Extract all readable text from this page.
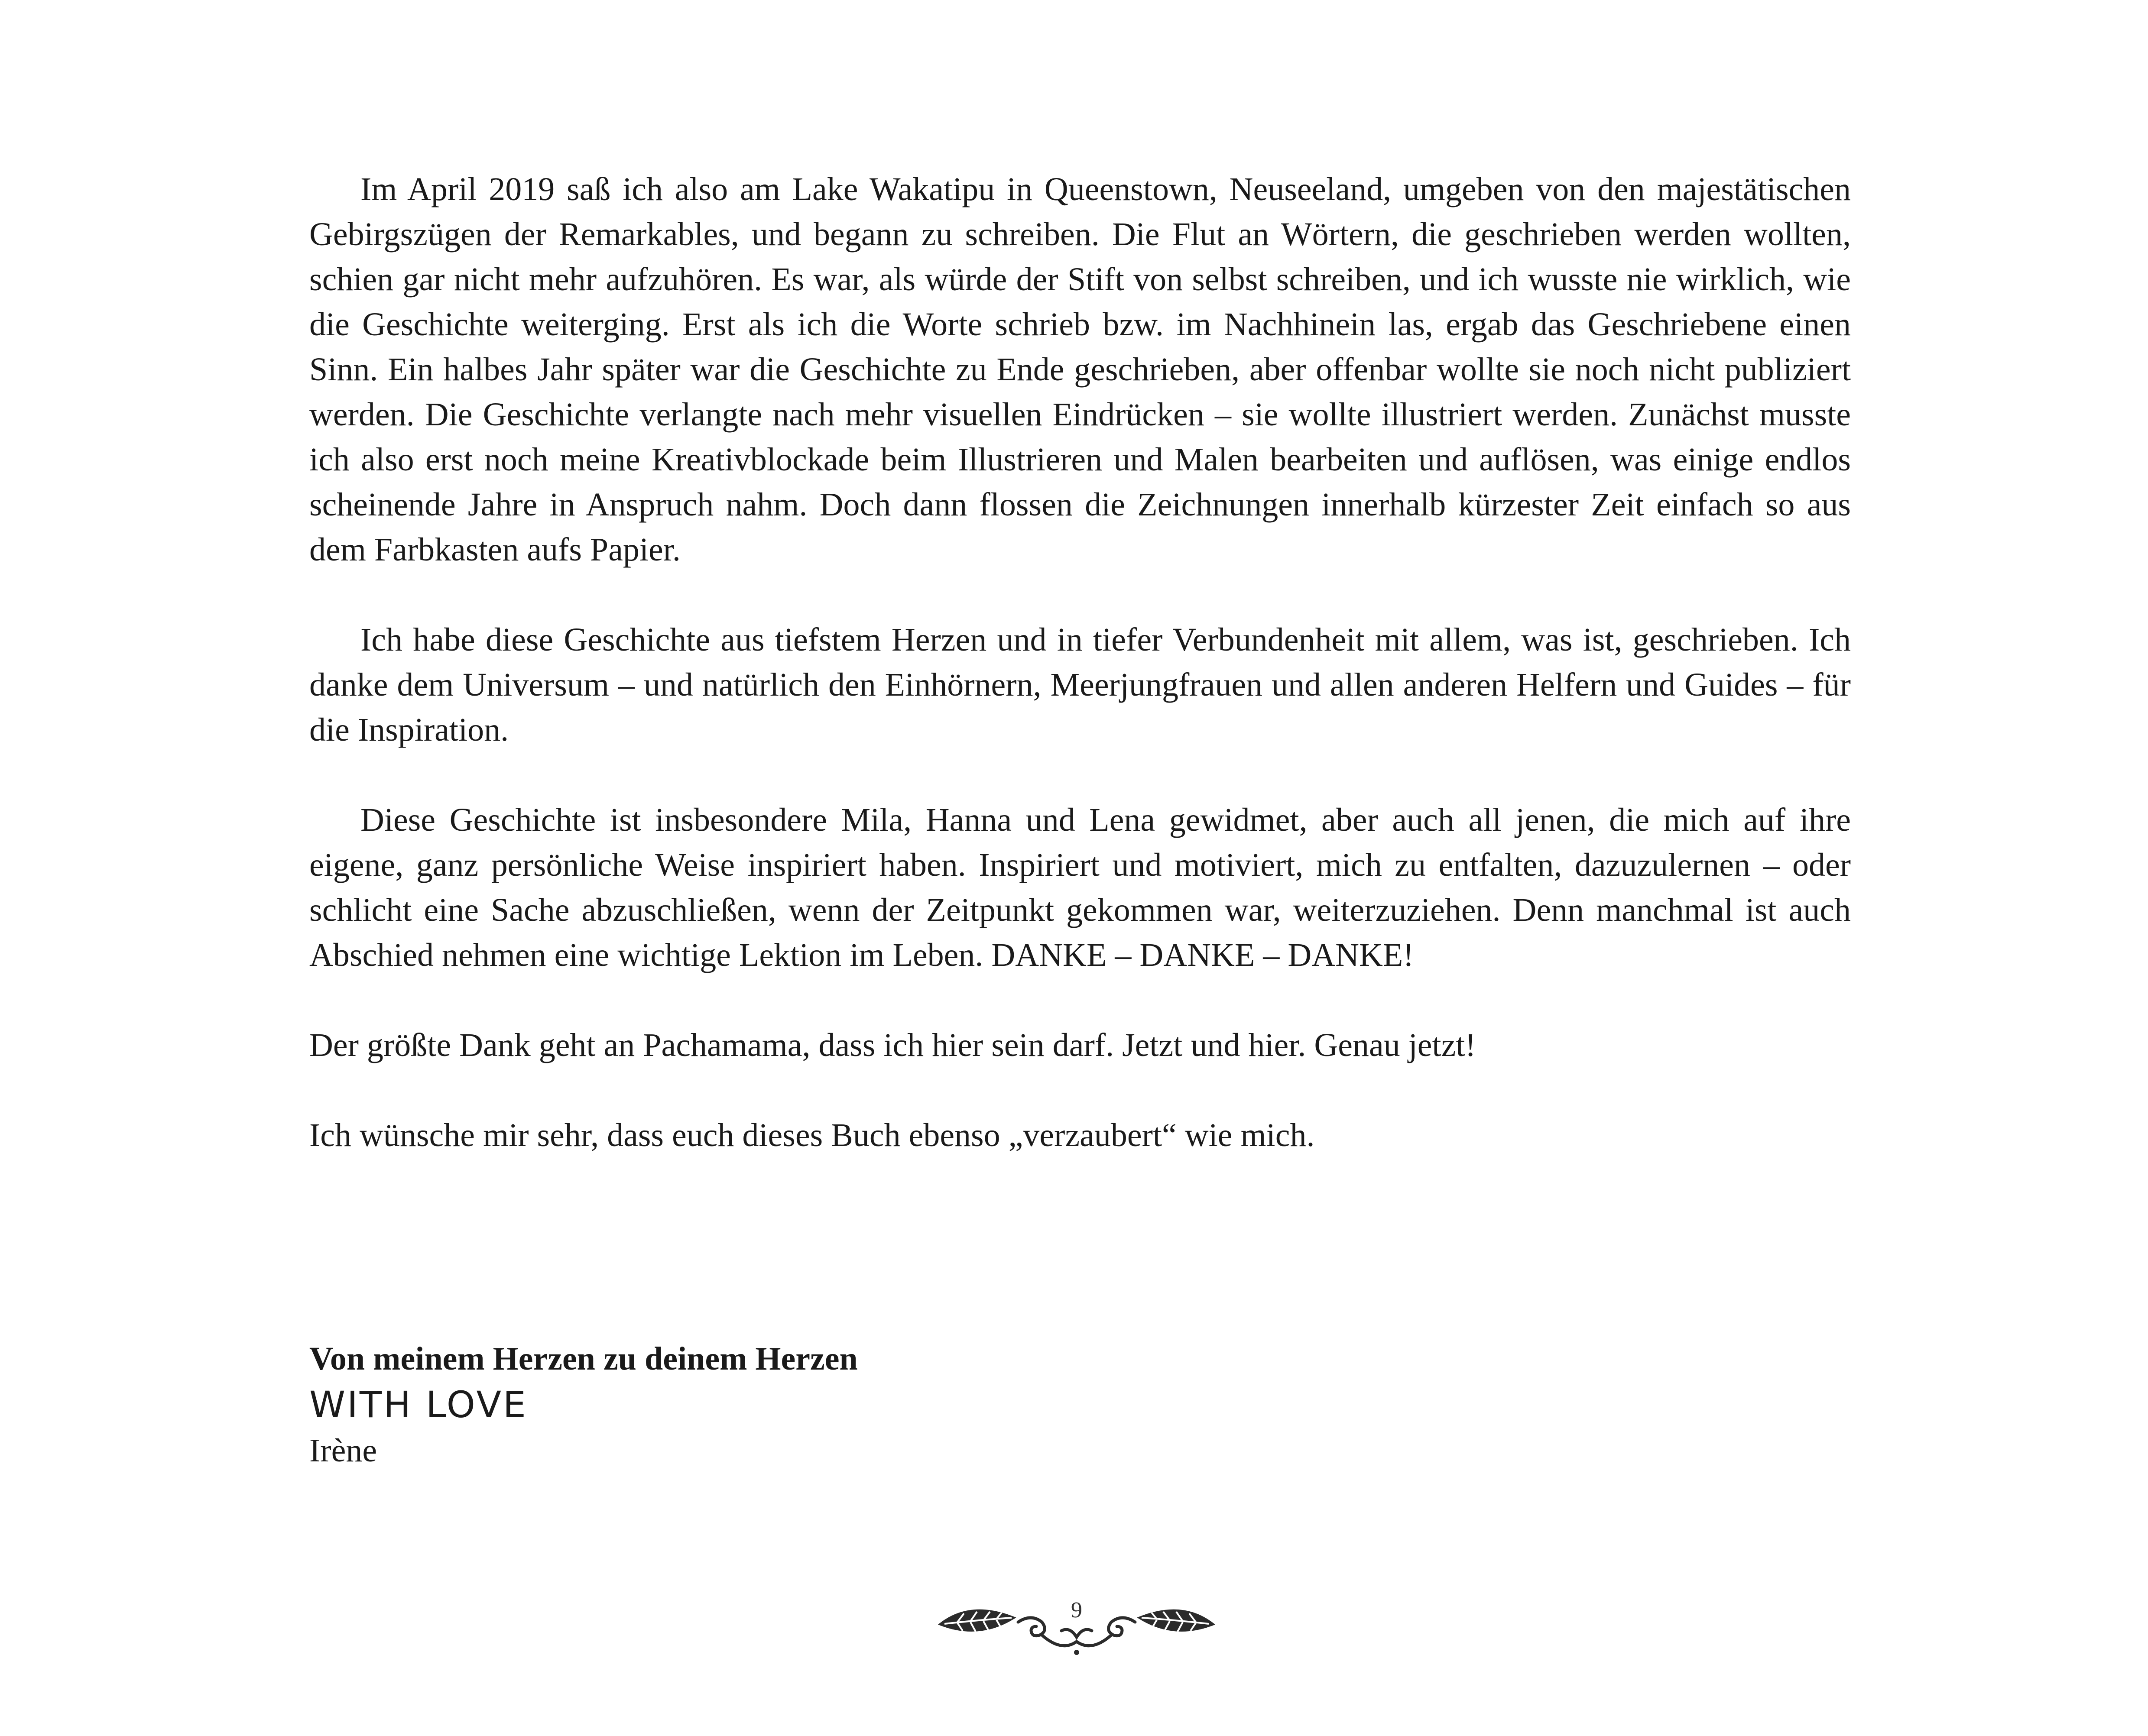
Im April 2019 saß ich also am Lake Wakatipu in Queenstown, Neuseeland, umgeben von den majestätischen Gebirgszügen der Remarkables, und begann zu schreiben. Die Flut an Wörtern, die geschrieben werden wollten, schien gar nicht mehr aufzuhören. Es war, als würde der Stift von selbst schreiben, und ich wusste nie wirklich, wie die Geschichte weiterging. Erst als ich die Worte schrieb bzw. im Nachhinein las, ergab das Geschriebene einen Sinn. Ein halbes Jahr später war die Geschichte zu Ende geschrieben, aber offenbar wollte sie noch nicht publiziert werden. Die Geschichte verlangte nach mehr visuellen Eindrücken – sie wollte illustriert werden. Zunächst musste ich also erst noch meine Kreativblockade beim Illustrieren und Malen bearbeiten und auflösen, was einige endlos scheinende Jahre in Anspruch nahm. Doch dann flossen die Zeichnungen innerhalb kürzester Zeit einfach so aus dem Farbkasten aufs Papier.

Ich habe diese Geschichte aus tiefstem Herzen und in tiefer Verbundenheit mit allem, was ist, geschrieben. Ich danke dem Universum – und natürlich den Einhörnern, Meerjungfrauen und allen anderen Helfern und Guides – für die Inspiration.

Diese Geschichte ist insbesondere Mila, Hanna und Lena gewidmet, aber auch all jenen, die mich auf ihre eigene, ganz persönliche Weise inspiriert haben. Inspiriert und motiviert, mich zu entfalten, dazuzulernen – oder schlicht eine Sache abzuschließen, wenn der Zeitpunkt gekommen war, weiterzuziehen. Denn manchmal ist auch Abschied nehmen eine wichtige Lektion im Leben. DANKE – DANKE – DANKE!

Der größte Dank geht an Pachamama, dass ich hier sein darf. Jetzt und hier. Genau jetzt!

Ich wünsche mir sehr, dass euch dieses Buch ebenso „verzaubert“ wie mich.

Von meinem Herzen zu deinem Herzen
WITH LOVE
Irène
9
